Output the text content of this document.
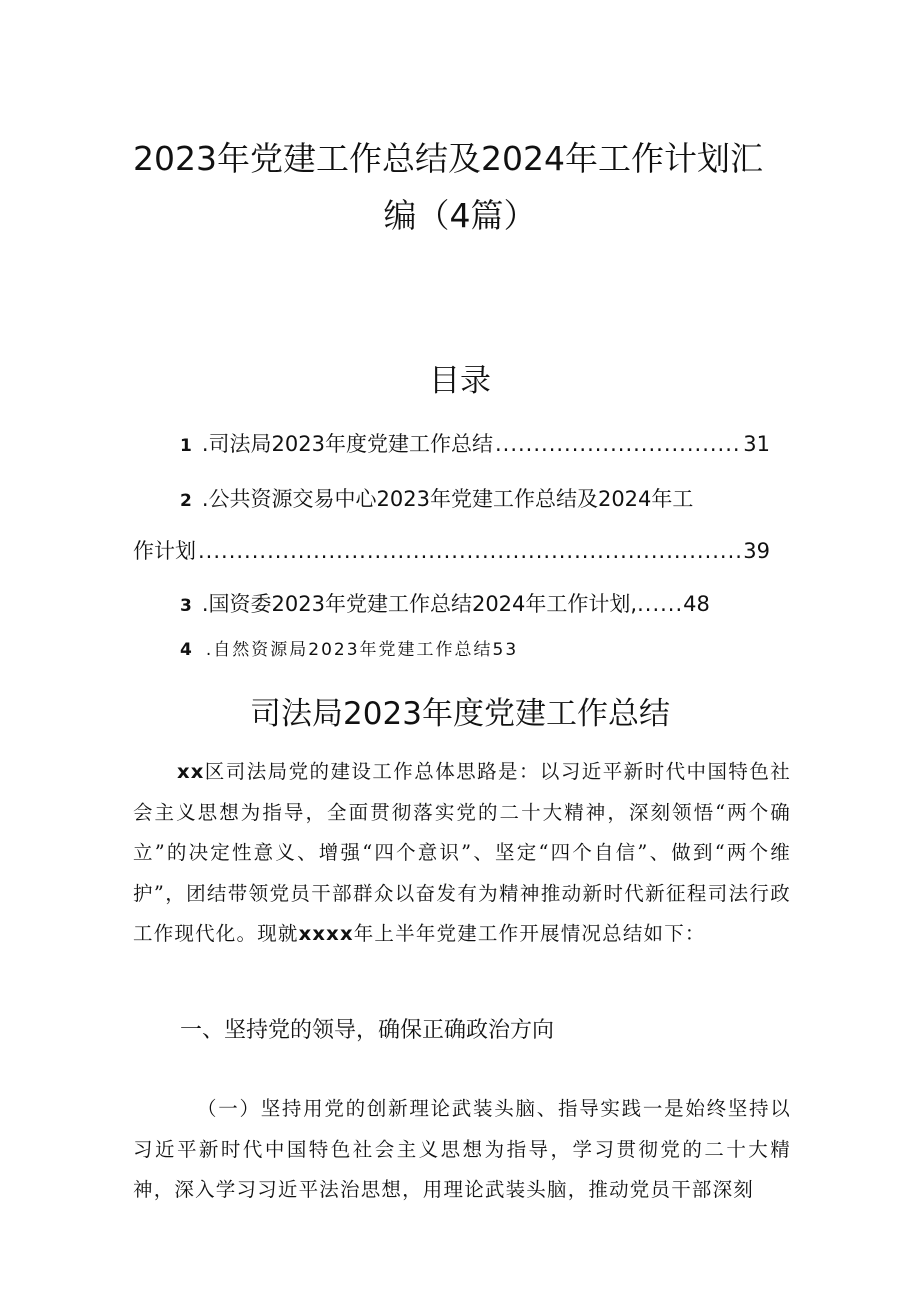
2023年党建工作总结及2024年工作计划汇
编（4篇）
目录
1 .司法局2023年度党建工作总结 .....	31
2 .公共资源交易中心2023年党建工作总结及2024年工
作计划 .....	39
3 .国资委2023年党建工作总结2024年工作计划, ...... 48
4 .自然资源局2023年党建工作总结53
司法局2023年度党建工作总结
xx区司法局党的建设工作总体思路是：以习近平新时代中国特色社会主义思想为指导，全面贯彻落实党的二十大精神，深刻领悟“两个确立”的决定性意义、增强“四个意识”、坚定“四个自信”、做到“两个维护”，团结带领党员干部群众以奋发有为精神推动新时代新征程司法行政工作现代化。现就xxxx年上半年党建工作开展情况总结如下：
一、坚持党的领导，确保正确政治方向
（一）坚持用党的创新理论武装头脑、指导实践一是始终坚持以习近平新时代中国特色社会主义思想为指导，学习贯彻党的二十大精神，深入学习习近平法治思想，用理论武装头脑，推动党员干部深刻
